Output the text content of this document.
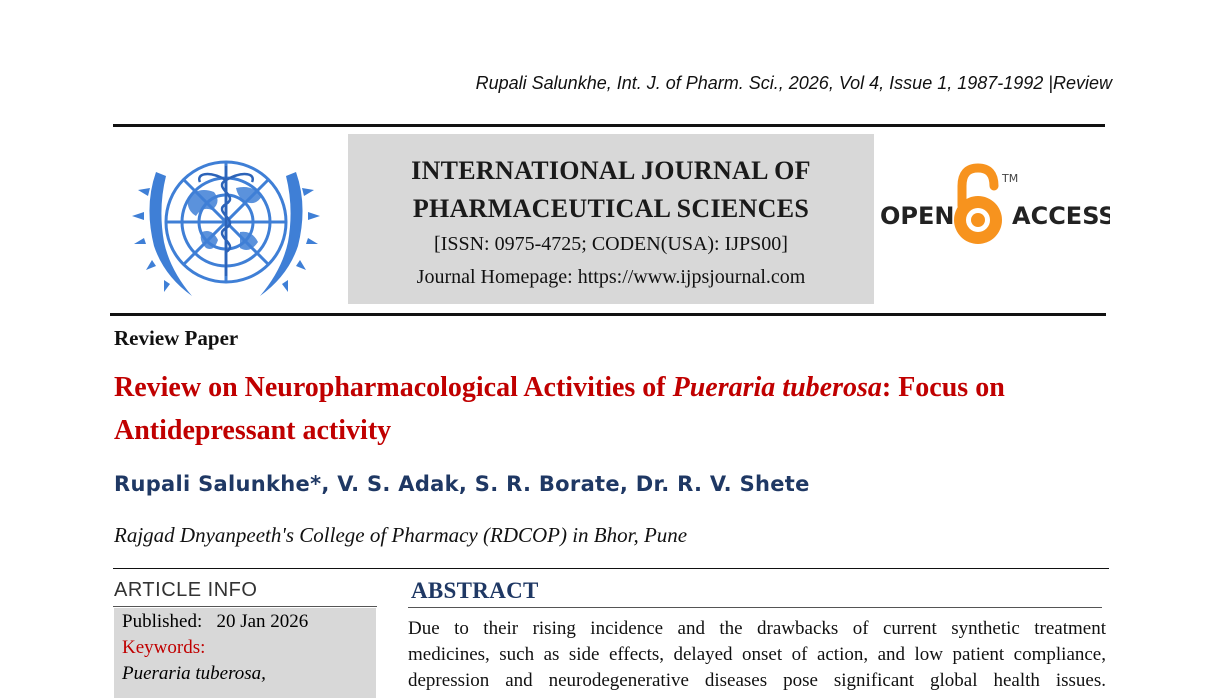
Rupali Salunkhe, Int. J. of Pharm. Sci., 2026, Vol 4, Issue 1, 1987-1992 |Review
INTERNATIONAL JOURNAL OF
PHARMACEUTICAL SCIENCES
[ISSN: 0975-4725; CODEN(USA): IJPS00]
Journal Homepage: https://www.ijpsjournal.com
OPEN ACCESS
TM
Review Paper
Review on Neuropharmacological Activities of Pueraria tuberosa: Focus on Antidepressant activity
Rupali Salunkhe*, V. S. Adak, S. R. Borate, Dr. R. V. Shete
Rajgad Dnyanpeeth's College of Pharmacy (RDCOP) in Bhor, Pune
ARTICLE INFO
Published: 20 Jan 2026
Keywords:
Pueraria tuberosa,
ABSTRACT

Due to their rising incidence and the drawbacks of current synthetic treatment

medicines, such as side effects, delayed onset of action, and low patient compliance,

depression and neurodegenerative diseases pose significant global health issues.
